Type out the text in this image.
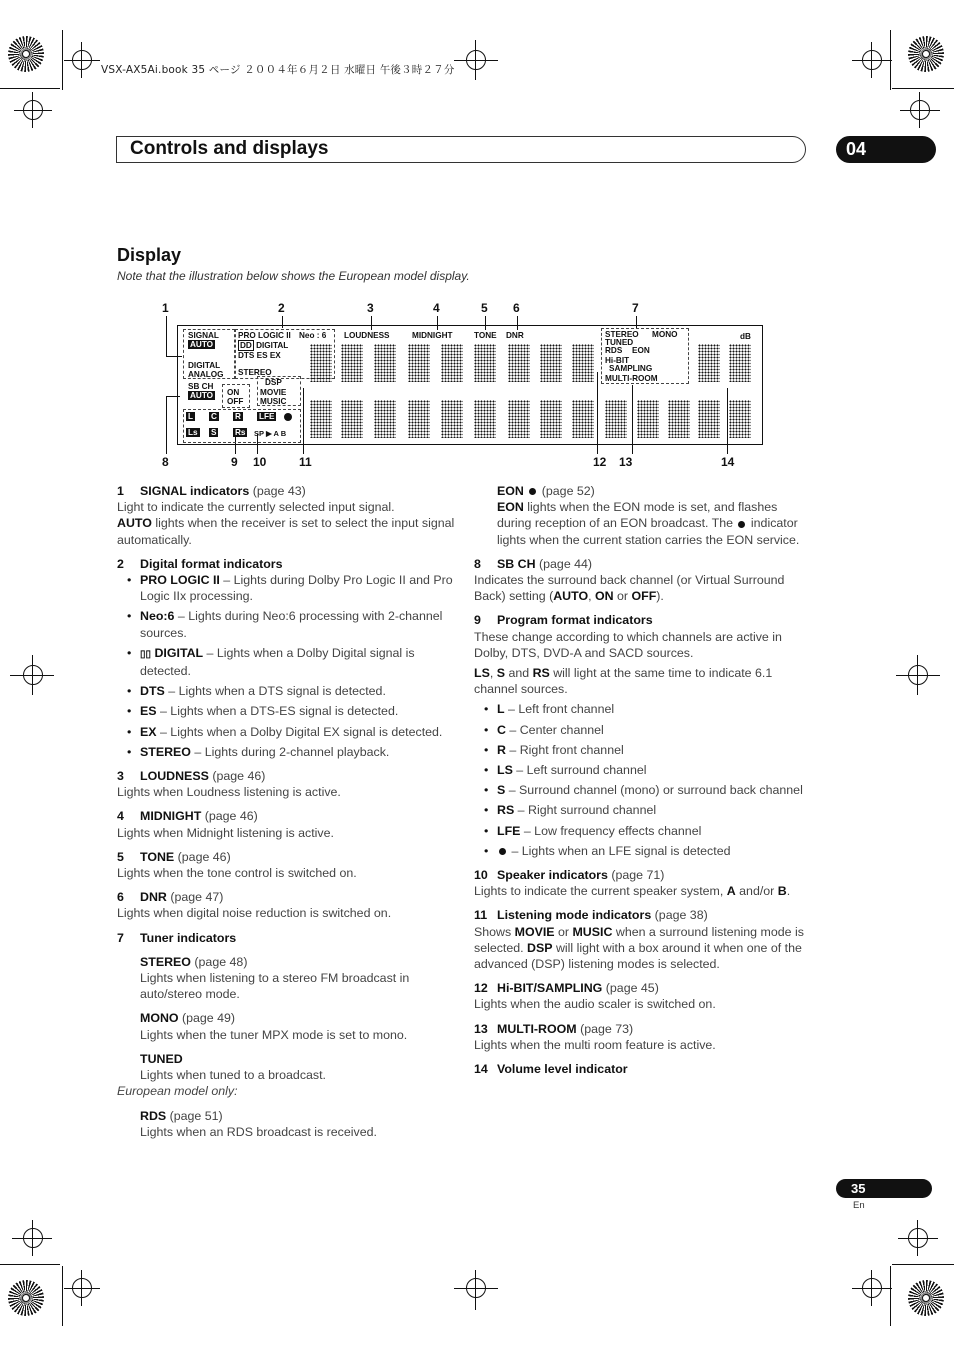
VSX-AX5Ai.book 35 ページ ２００４年６月２日 水曜日 午後３時２７分
Controls and displays	04
Display
Note that the illustration below shows the European model display.
1	2	3	4	5 6	7
8	9 10	11	12 13	14
SIGNAL
AUTO
DIGITAL
ANALOG
SB CH
AUTO ON
OFF
PRO LOGIC II Neo : 6
DD DIGITAL
DTS ES EX
STEREO
DSP
MOVIE
MUSIC
L C R LFE
Ls S Rs SP ▶ A B
LOUDNESS	MIDNIGHT	TONE DNR	STEREO MONO
TUNED
RDS EON
Hi-BIT
SAMPLING
MULTI-ROOM
dB

1 SIGNAL indicators (page 43)

Light to indicate the currently selected input signal.

AUTO lights when the receiver is set to select the input signal automatically.

2 Digital format indicators

• PRO LOGIC II – Lights during Dolby Pro Logic II and Pro Logic IIx processing.

• Neo:6 – Lights during Neo:6 processing with 2-channel sources.

• ▯▯ DIGITAL – Lights when a Dolby Digital signal is detected.

• DTS – Lights when a DTS signal is detected.

• ES – Lights when a DTS-ES signal is detected.

• EX – Lights when a Dolby Digital EX signal is detected.

• STEREO – Lights during 2-channel playback.

3 LOUDNESS (page 46)

Lights when Loudness listening is active.

4 MIDNIGHT (page 46)

Lights when Midnight listening is active.

5 TONE (page 46)

Lights when the tone control is switched on.

6 DNR (page 47)

Lights when digital noise reduction is switched on.

7 Tuner indicators

STEREO (page 48)

Lights when listening to a stereo FM broadcast in auto/stereo mode.

MONO (page 49)

Lights when the tuner MPX mode is set to mono.

TUNED

Lights when tuned to a broadcast.

European model only:

RDS (page 51)

Lights when an RDS broadcast is received.

EON (page 52)

EON lights when the EON mode is set, and flashes during reception of an EON broadcast. The  indicator lights when the current station carries the EON service.

8 SB CH (page 44)

Indicates the surround back channel (or Virtual Surround Back) setting (AUTO, ON or OFF).

9 Program format indicators

These change according to which channels are active in Dolby, DTS, DVD-A and SACD sources.

LS, S and RS will light at the same time to indicate 6.1 channel sources.

• L – Left front channel

• C – Center channel

• R – Right front channel

• LS – Left surround channel

• S – Surround channel (mono) or surround back channel

• RS – Right surround channel

• LFE – Low frequency effects channel

• – Lights when an LFE signal is detected

10 Speaker indicators (page 71)

Lights to indicate the current speaker system, A and/or B.

11 Listening mode indicators (page 38)

Shows MOVIE or MUSIC when a surround listening mode is selected. DSP will light with a box around it when one of the advanced (DSP) listening modes is selected.

12 Hi-BIT/SAMPLING (page 45)

Lights when the audio scaler is switched on.

13 MULTI-ROOM (page 73)

Lights when the multi room feature is active.

14 Volume level indicator

35
En
